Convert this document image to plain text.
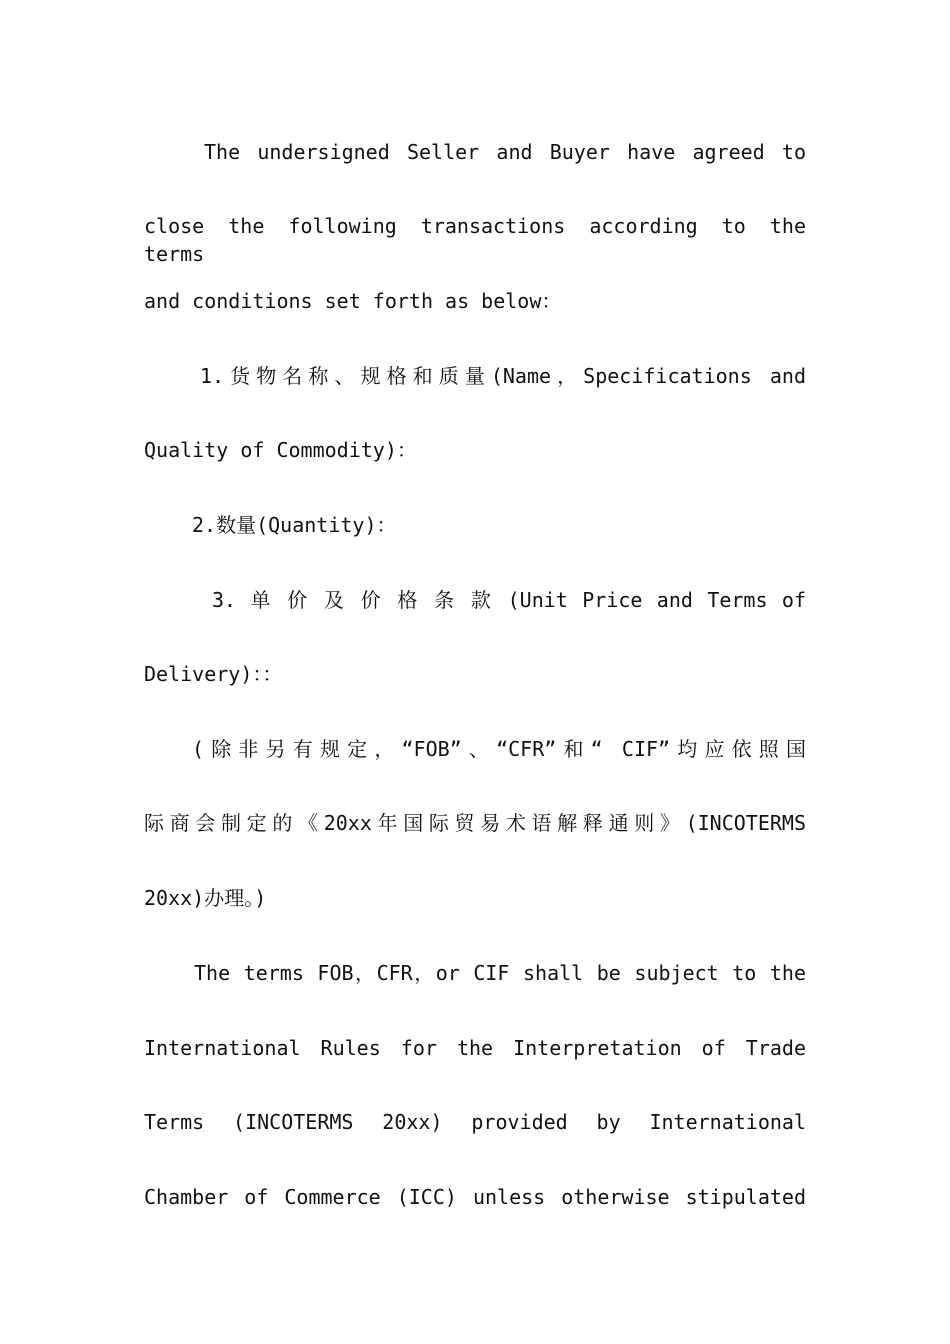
The undersigned Seller and Buyer have agreed to
close the following transactions according to the terms
and conditions set forth as below：
1.货物名称、规格和质量(Name，Specifications and
Quality of Commodity)：
2.数量(Quantity)：
3. 单 价 及 价 格 条 款 (Unit Price and Terms of
Delivery)：：
(除非另有规定，“FOB”、“CFR”和“ CIF”均应依照国
际商会制定的《20xx年国际贸易术语解释通则》(INCOTERMS
20xx)办理。)
The terms FOB，CFR，or CIF shall be subject to the
International Rules for the Interpretation of Trade
Terms (INCOTERMS 20xx) provided by International
Chamber of Commerce (ICC) unless otherwise stipulated
